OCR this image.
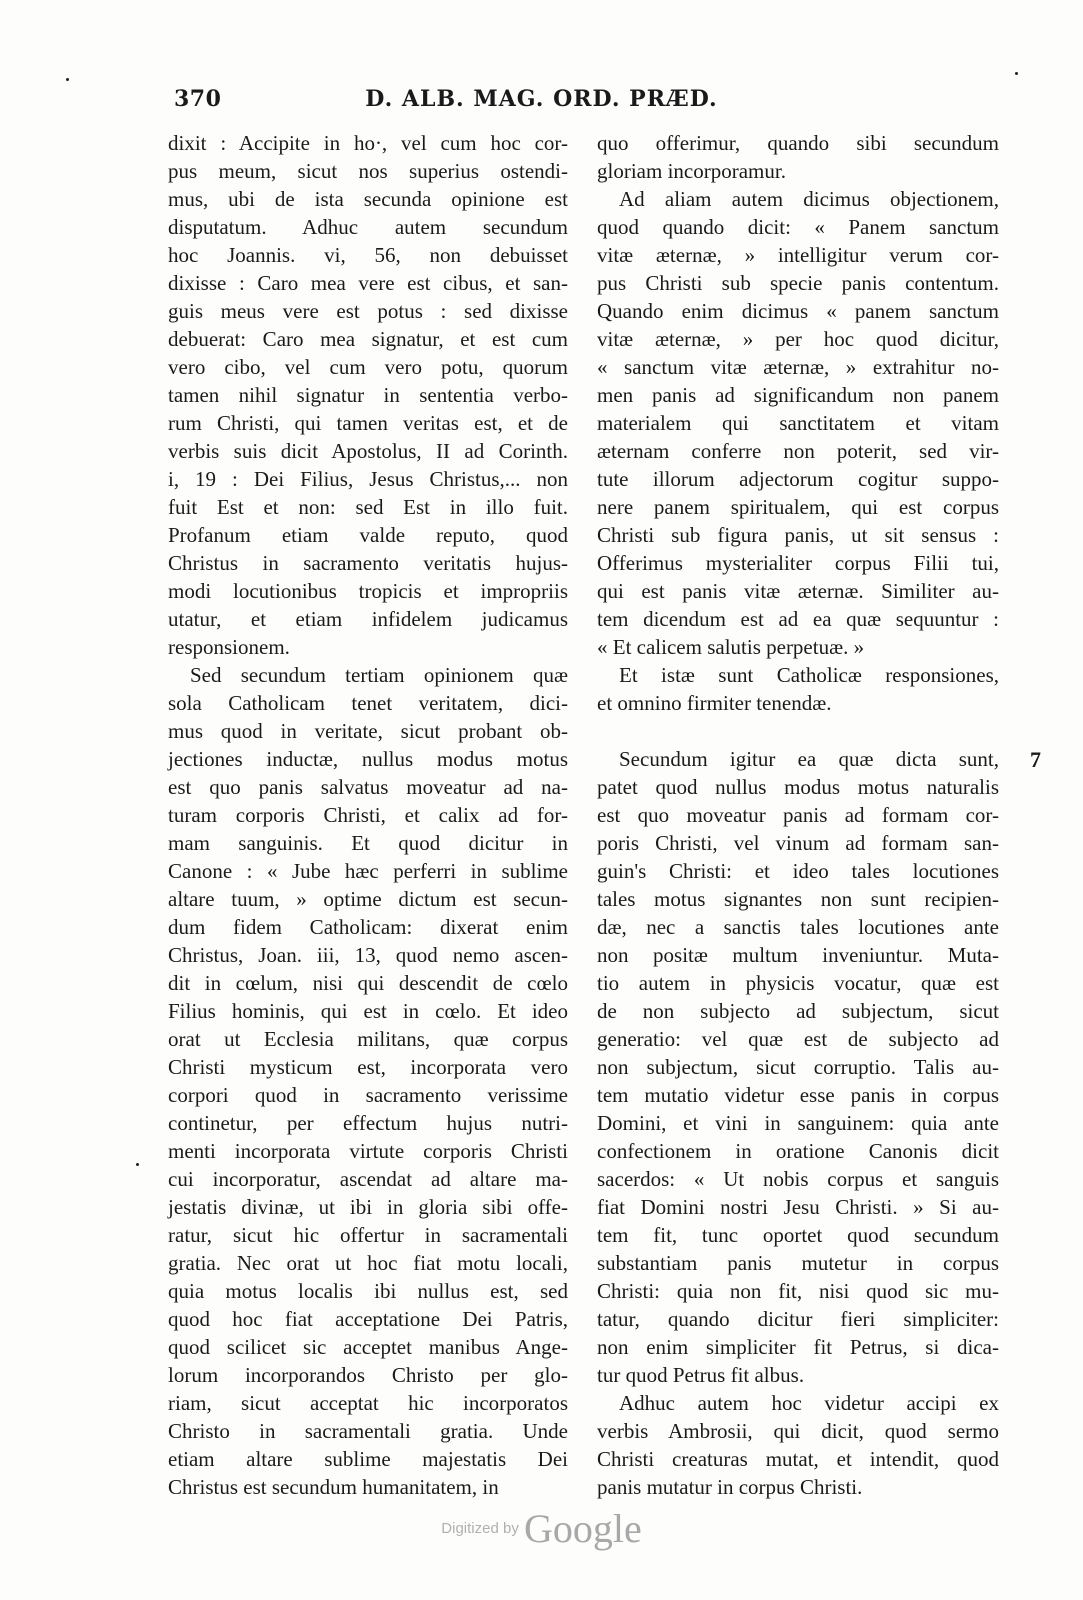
370	D. ALB. MAG. ORD. PRÆD.
dixit : Accipite in ho·, vel cum hoc cor-
pus meum, sicut nos superius ostendi-
mus, ubi de ista secunda opinione est
disputatum. Adhuc autem secundum
hoc Joannis. vi, 56, non debuisset
dixisse : Caro mea vere est cibus, et san-
guis meus vere est potus : sed dixisse
debuerat: Caro mea signatur, et est cum
vero cibo, vel cum vero potu, quorum
tamen nihil signatur in sententia verbo-
rum Christi, qui tamen veritas est, et de
verbis suis dicit Apostolus, II ad Corinth.
i, 19 : Dei Filius, Jesus Christus,... non
fuit Est et non: sed Est in illo fuit.
Profanum etiam valde reputo, quod
Christus in sacramento veritatis hujus-
modi locutionibus tropicis et impropriis
utatur, et etiam infidelem judicamus
responsionem.
Sed secundum tertiam opinionem quæ
sola Catholicam tenet veritatem, dici-
mus quod in veritate, sicut probant ob-
jectiones inductæ, nullus modus motus
est quo panis salvatus moveatur ad na-
turam corporis Christi, et calix ad for-
mam sanguinis. Et quod dicitur in
Canone : « Jube hæc perferri in sublime
altare tuum, » optime dictum est secun-
dum fidem Catholicam: dixerat enim
Christus, Joan. iii, 13, quod nemo ascen-
dit in cœlum, nisi qui descendit de cœlo
Filius hominis, qui est in cœlo. Et ideo
orat ut Ecclesia militans, quæ corpus
Christi mysticum est, incorporata vero
corpori quod in sacramento verissime
continetur, per effectum hujus nutri-
menti incorporata virtute corporis Christi
cui incorporatur, ascendat ad altare ma-
jestatis divinæ, ut ibi in gloria sibi offe-
ratur, sicut hic offertur in sacramentali
gratia. Nec orat ut hoc fiat motu locali,
quia motus localis ibi nullus est, sed
quod hoc fiat acceptatione Dei Patris,
quod scilicet sic acceptet manibus Ange-
lorum incorporandos Christo per glo-
riam, sicut acceptat hic incorporatos
Christo in sacramentali gratia. Unde
etiam altare sublime majestatis Dei
Christus est secundum humanitatem, in
quo offerimur, quando sibi secundum
gloriam incorporamur.
Ad aliam autem dicimus objectionem,
quod quando dicit: « Panem sanctum
vitæ æternæ, » intelligitur verum cor-
pus Christi sub specie panis contentum.
Quando enim dicimus « panem sanctum
vitæ æternæ, » per hoc quod dicitur,
« sanctum vitæ æternæ, » extrahitur no-
men panis ad significandum non panem
materialem qui sanctitatem et vitam
æternam conferre non poterit, sed vir-
tute illorum adjectorum cogitur suppo-
nere panem spiritualem, qui est corpus
Christi sub figura panis, ut sit sensus :
Offerimus mysterialiter corpus Filii tui,
qui est panis vitæ æternæ. Similiter au-
tem dicendum est ad ea quæ sequuntur :
« Et calicem salutis perpetuæ. »
Et istæ sunt Catholicæ responsiones,
et omnino firmiter tenendæ.
Secundum igitur ea quæ dicta sunt,
patet quod nullus modus motus naturalis
est quo moveatur panis ad formam cor-
poris Christi, vel vinum ad formam san-
guin's Christi: et ideo tales locutiones
tales motus signantes non sunt recipien-
dæ, nec a sanctis tales locutiones ante
non positæ multum inveniuntur. Muta-
tio autem in physicis vocatur, quæ est
de non subjecto ad subjectum, sicut
generatio: vel quæ est de subjecto ad
non subjectum, sicut corruptio. Talis au-
tem mutatio videtur esse panis in corpus
Domini, et vini in sanguinem: quia ante
confectionem in oratione Canonis dicit
sacerdos: « Ut nobis corpus et sanguis
fiat Domini nostri Jesu Christi. » Si au-
tem fit, tunc oportet quod secundum
substantiam panis mutetur in corpus
Christi: quia non fit, nisi quod sic mu-
tatur, quando dicitur fieri simpliciter:
non enim simpliciter fit Petrus, si dica-
tur quod Petrus fit albus.
Adhuc autem hoc videtur accipi ex
verbis Ambrosii, qui dicit, quod sermo
Christi creaturas mutat, et intendit, quod
panis mutatur in corpus Christi.
7
Digitized by Google
